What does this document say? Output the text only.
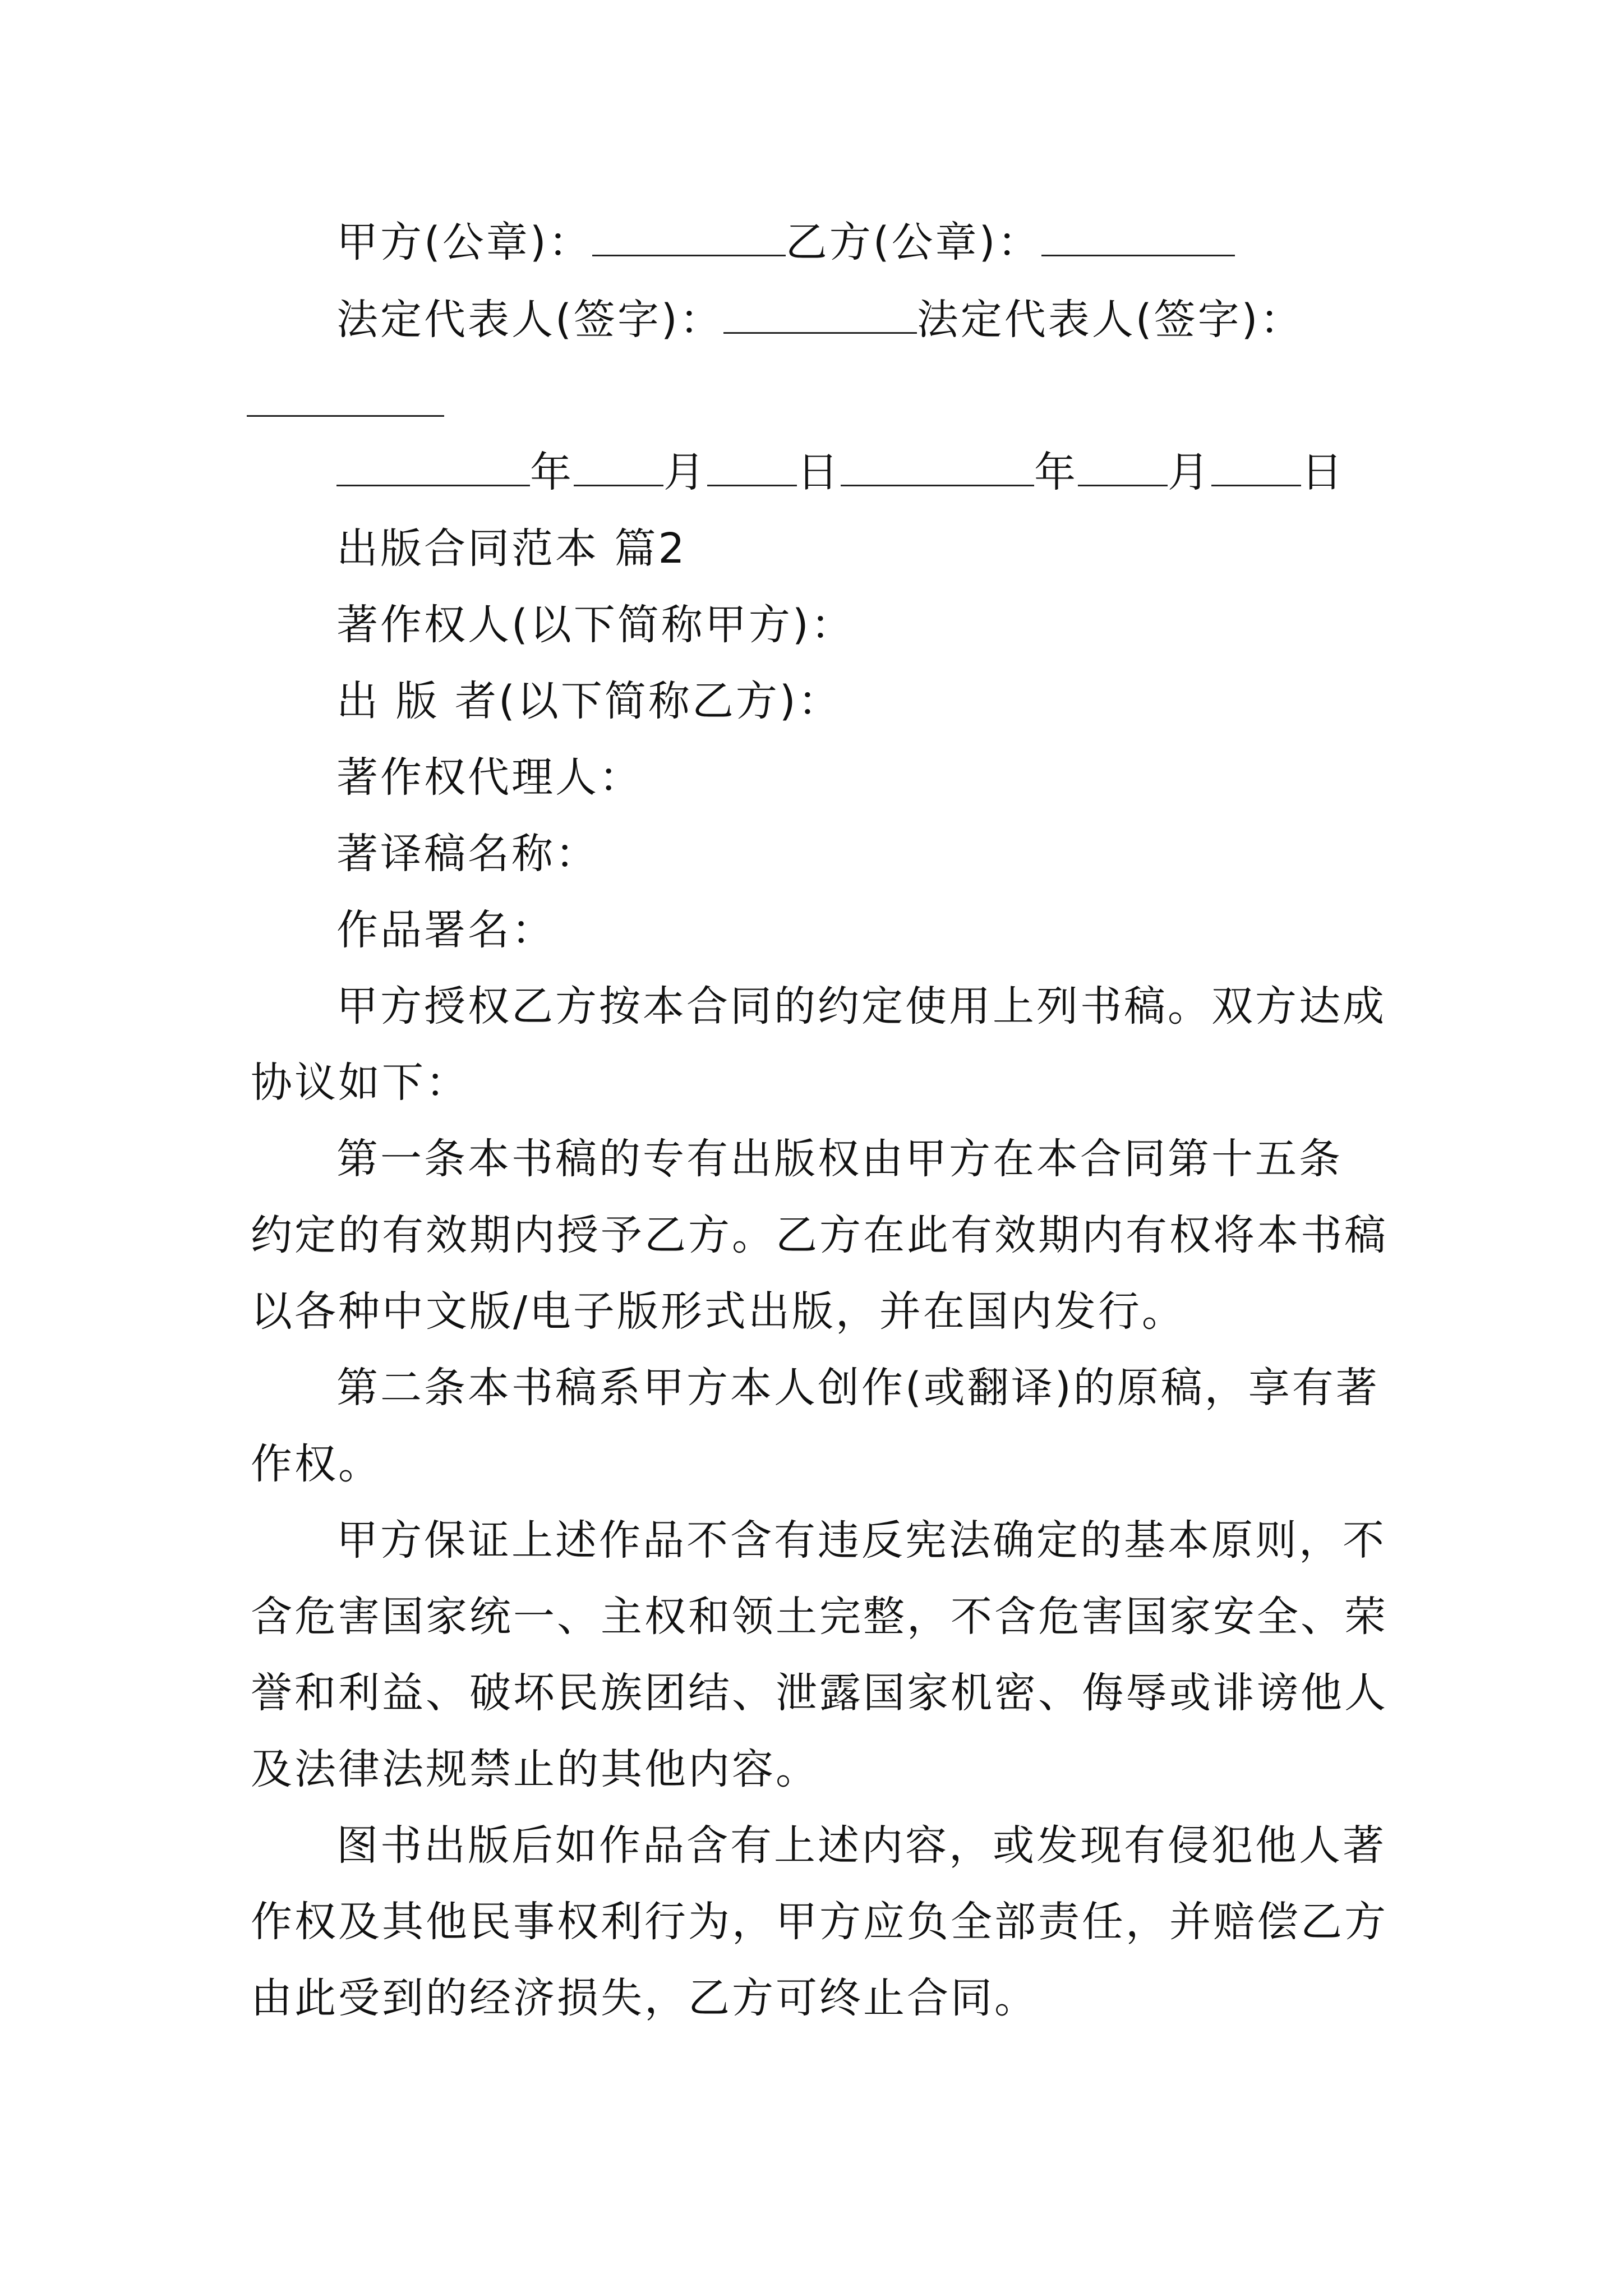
甲方(公章)：	乙方(公章)：
法定代表人(签字)：	法定代表人(签字)：
年 月 日	年 月 日
出版合同范本 篇2
著作权人(以下简称甲方)：
出 版 者(以下简称乙方)：
著作权代理人：
著译稿名称：
作品署名：
甲方授权乙方按本合同的约定使用上列书稿。双方达成
协议如下：
第一条本书稿的专有出版权由甲方在本合同第十五条
约定的有效期内授予乙方。乙方在此有效期内有权将本书稿
以各种中文版/电子版形式出版，并在国内发行。
第二条本书稿系甲方本人创作(或翻译)的原稿，享有著
作权。
甲方保证上述作品不含有违反宪法确定的基本原则，不
含危害国家统一、主权和领土完整，不含危害国家安全、荣
誉和利益、破坏民族团结、泄露国家机密、侮辱或诽谤他人
及法律法规禁止的其他内容。
图书出版后如作品含有上述内容，或发现有侵犯他人著
作权及其他民事权利行为，甲方应负全部责任，并赔偿乙方
由此受到的经济损失，乙方可终止合同。
